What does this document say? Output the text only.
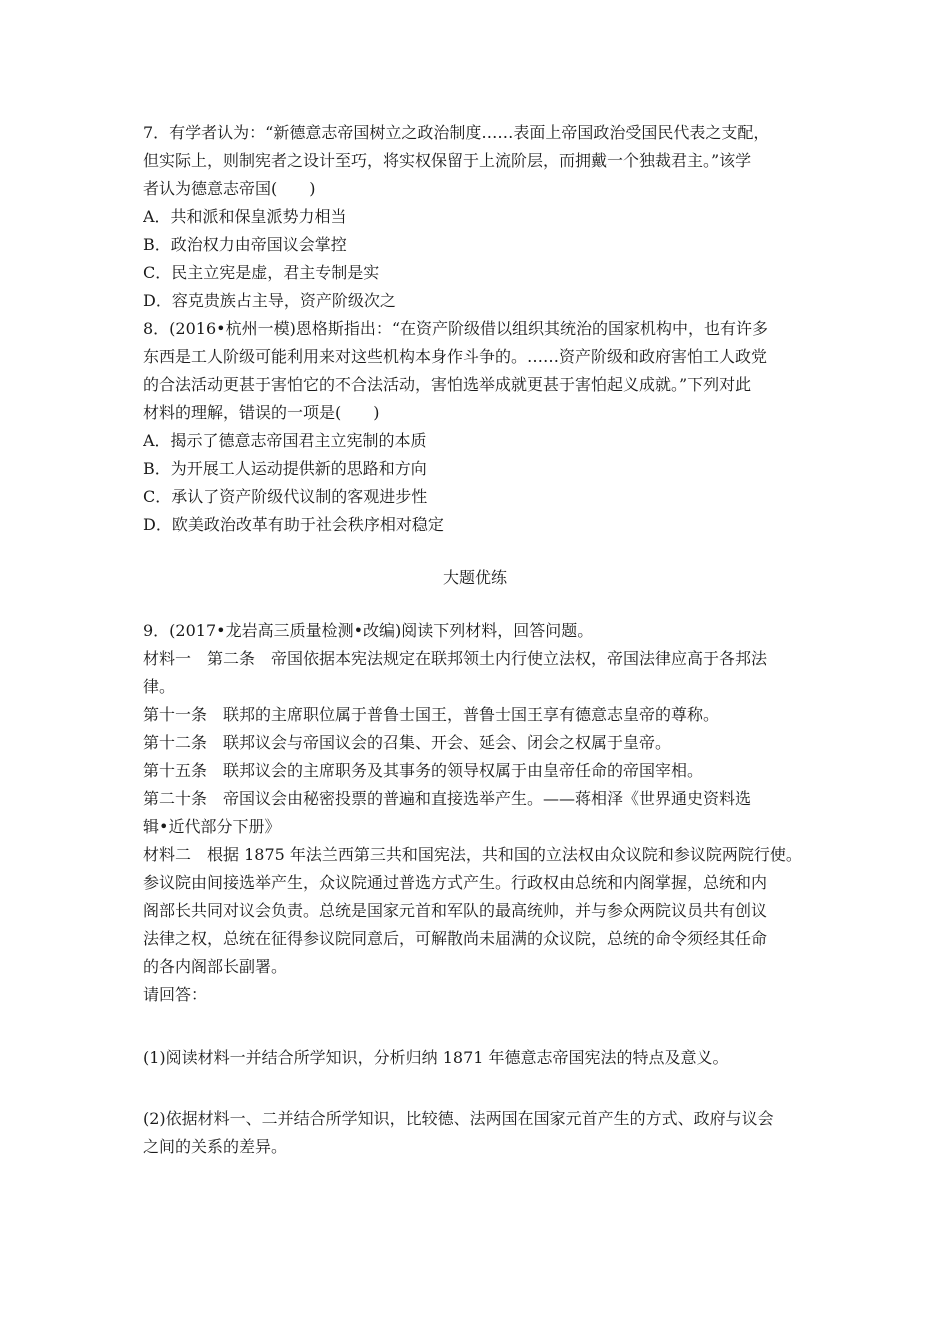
7．有学者认为：“新德意志帝国树立之政治制度……表面上帝国政治受国民代表之支配，
但实际上，则制宪者之设计至巧，将实权保留于上流阶层，而拥戴一个独裁君主。”该学
者认为德意志帝国(　　)
A．共和派和保皇派势力相当
B．政治权力由帝国议会掌控
C．民主立宪是虚，君主专制是实
D．容克贵族占主导，资产阶级次之
8．(2016•杭州一模)恩格斯指出：“在资产阶级借以组织其统治的国家机构中，也有许多
东西是工人阶级可能利用来对这些机构本身作斗争的。……资产阶级和政府害怕工人政党
的合法活动更甚于害怕它的不合法活动，害怕选举成就更甚于害怕起义成就。”下列对此
材料的理解，错误的一项是(　　)
A．揭示了德意志帝国君主立宪制的本质
B．为开展工人运动提供新的思路和方向
C．承认了资产阶级代议制的客观进步性
D．欧美政治改革有助于社会秩序相对稳定
大题优练
9．(2017•龙岩高三质量检测•改编)阅读下列材料，回答问题。
材料一　第二条　帝国依据本宪法规定在联邦领土内行使立法权，帝国法律应高于各邦法
律。
第十一条　联邦的主席职位属于普鲁士国王，普鲁士国王享有德意志皇帝的尊称。
第十二条　联邦议会与帝国议会的召集、开会、延会、闭会之权属于皇帝。
第十五条　联邦议会的主席职务及其事务的领导权属于由皇帝任命的帝国宰相。
第二十条　帝国议会由秘密投票的普遍和直接选举产生。——蒋相泽《世界通史资料选
辑•近代部分下册》
材料二　根据 1875 年法兰西第三共和国宪法，共和国的立法权由众议院和参议院两院行使。
参议院由间接选举产生，众议院通过普选方式产生。行政权由总统和内阁掌握，总统和内
阁部长共同对议会负责。总统是国家元首和军队的最高统帅，并与参众两院议员共有创议
法律之权，总统在征得参议院同意后，可解散尚未届满的众议院，总统的命令须经其任命
的各内阁部长副署。
请回答：
(1)阅读材料一并结合所学知识，分析归纳 1871 年德意志帝国宪法的特点及意义。
(2)依据材料一、二并结合所学知识，比较德、法两国在国家元首产生的方式、政府与议会
之间的关系的差异。
